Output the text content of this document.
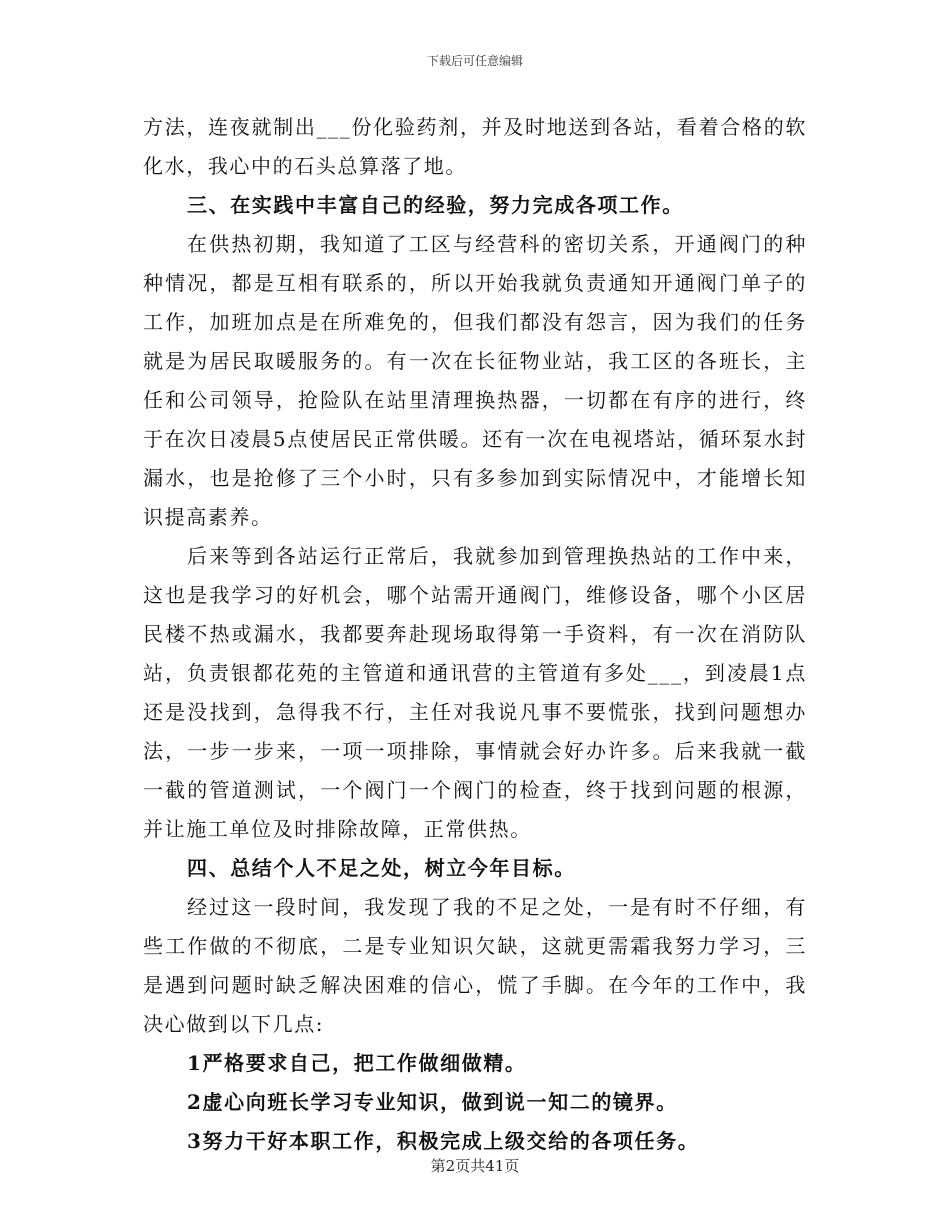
下载后可任意编辑

方法，连夜就制出___份化验药剂，并及时地送到各站，看着合格的软化水，我心中的石头总算落了地。

三、在实践中丰富自己的经验，努力完成各项工作。

在供热初期，我知道了工区与经营科的密切关系，开通阀门的种种情况，都是互相有联系的，所以开始我就负责通知开通阀门单子的工作，加班加点是在所难免的，但我们都没有怨言，因为我们的任务就是为居民取暖服务的。有一次在长征物业站，我工区的各班长，主任和公司领导，抢险队在站里清理换热器，一切都在有序的进行，终于在次日凌晨5点使居民正常供暖。还有一次在电视塔站，循环泵水封漏水，也是抢修了三个小时，只有多参加到实际情况中，才能增长知识提高素养。

后来等到各站运行正常后，我就参加到管理换热站的工作中来，这也是我学习的好机会，哪个站需开通阀门，维修设备，哪个小区居民楼不热或漏水，我都要奔赴现场取得第一手资料，有一次在消防队站，负责银都花苑的主管道和通讯营的主管道有多处___，到凌晨1点还是没找到，急得我不行，主任对我说凡事不要慌张，找到问题想办法，一步一步来，一项一项排除，事情就会好办许多。后来我就一截一截的管道测试，一个阀门一个阀门的检查，终于找到问题的根源，并让施工单位及时排除故障，正常供热。

四、总结个人不足之处，树立今年目标。

经过这一段时间，我发现了我的不足之处，一是有时不仔细，有些工作做的不彻底，二是专业知识欠缺，这就更需霜我努力学习，三是遇到问题时缺乏解决困难的信心，慌了手脚。在今年的工作中，我决心做到以下几点:

1严格要求自己，把工作做细做精。

2虚心向班长学习专业知识，做到说一知二的镜界。

3努力干好本职工作，积极完成上级交给的各项任务。

第2页共41页
